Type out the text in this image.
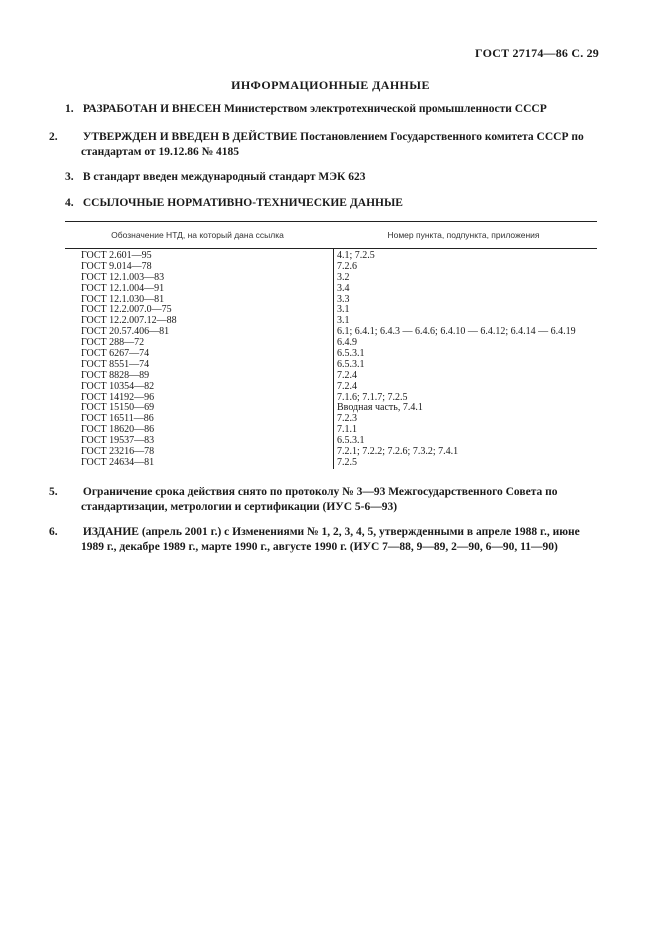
ГОСТ 27174—86 С. 29
ИНФОРМАЦИОННЫЕ ДАННЫЕ
1. РАЗРАБОТАН И ВНЕСЕН Министерством электротехнической промышленности СССР
2. УТВЕРЖДЕН И ВВЕДЕН В ДЕЙСТВИЕ Постановлением Государственного комитета СССР по стандартам от 19.12.86 № 4185
3. В стандарт введен международный стандарт МЭК 623
4. ССЫЛОЧНЫЕ НОРМАТИВНО-ТЕХНИЧЕСКИЕ ДАННЫЕ
Обозначение НТД, на который дана ссылка	Номер пункта, подпункта, приложения
ГОСТ 2.601—95
ГОСТ 9.014—78
ГОСТ 12.1.003—83
ГОСТ 12.1.004—91
ГОСТ 12.1.030—81
ГОСТ 12.2.007.0—75
ГОСТ 12.2.007.12—88
ГОСТ 20.57.406—81
ГОСТ 288—72
ГОСТ 6267—74
ГОСТ 8551—74
ГОСТ 8828—89
ГОСТ 10354—82
ГОСТ 14192—96
ГОСТ 15150—69
ГОСТ 16511—86
ГОСТ 18620—86
ГОСТ 19537—83
ГОСТ 23216—78
ГОСТ 24634—81
4.1; 7.2.5
7.2.6
3.2
3.4
3.3
3.1
3.1
6.1; 6.4.1; 6.4.3 — 6.4.6; 6.4.10 — 6.4.12; 6.4.14 — 6.4.19
6.4.9
6.5.3.1
6.5.3.1
7.2.4
7.2.4
7.1.6; 7.1.7; 7.2.5
Вводная часть, 7.4.1
7.2.3
7.1.1
6.5.3.1
7.2.1; 7.2.2; 7.2.6; 7.3.2; 7.4.1
7.2.5
5. Ограничение срока действия снято по протоколу № 3—93 Межгосударственного Совета по стандартизации, метрологии и сертификации (ИУС 5-6—93)
6. ИЗДАНИЕ (апрель 2001 г.) с Изменениями № 1, 2, 3, 4, 5, утвержденными в апреле 1988 г., июне 1989 г., декабре 1989 г., марте 1990 г., августе 1990 г. (ИУС 7—88, 9—89, 2—90, 6—90, 11—90)
